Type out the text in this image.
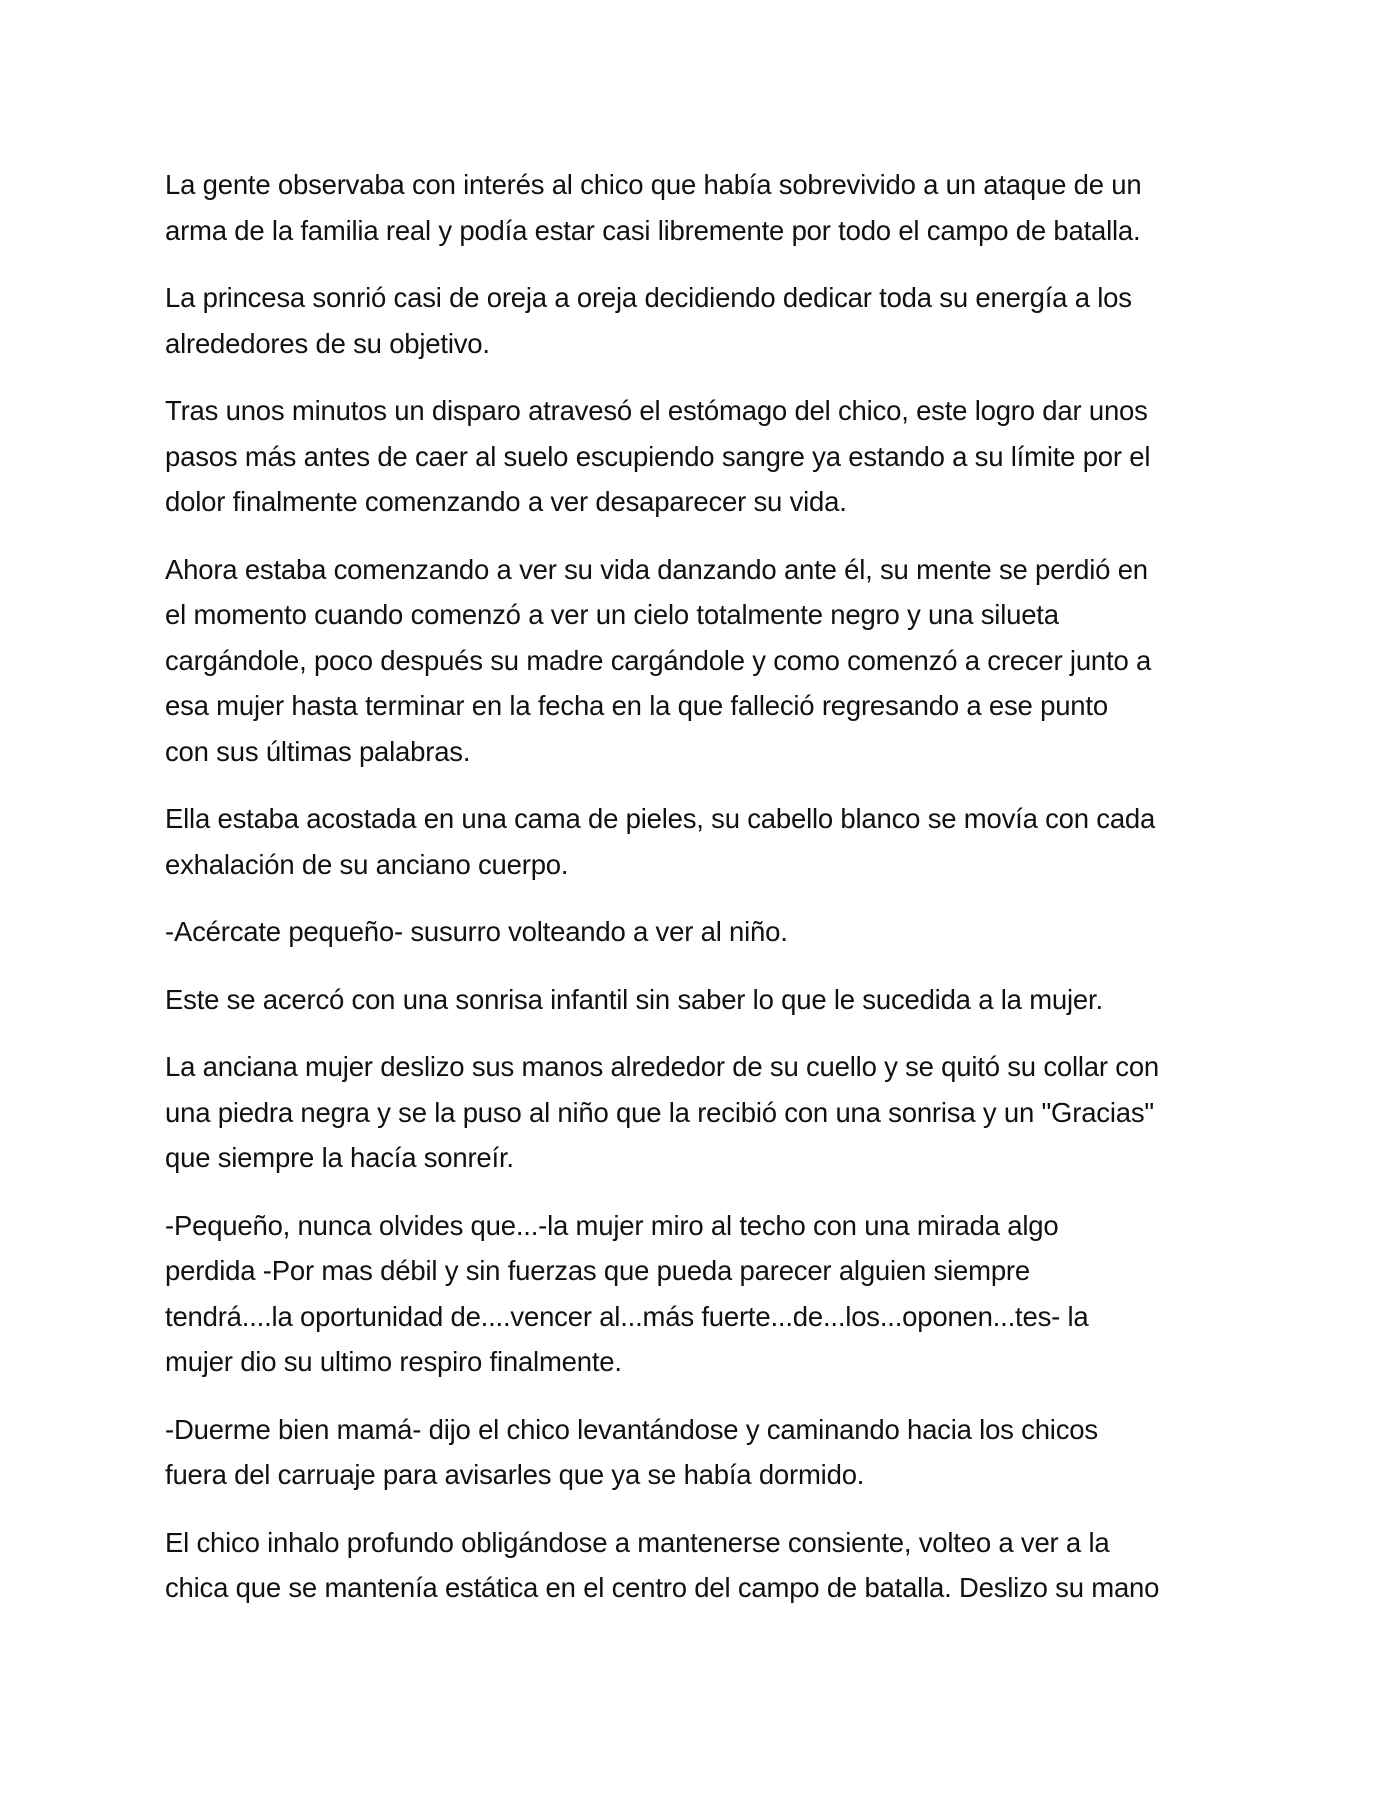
La gente observaba con interés al chico que había sobrevivido a un ataque de un
arma de la familia real y podía estar casi libremente por todo el campo de batalla.

La princesa sonrió casi de oreja a oreja decidiendo dedicar toda su energía a los
alrededores de su objetivo.

Tras unos minutos un disparo atravesó el estómago del chico, este logro dar unos
pasos más antes de caer al suelo escupiendo sangre ya estando a su límite por el
dolor finalmente comenzando a ver desaparecer su vida.

Ahora estaba comenzando a ver su vida danzando ante él, su mente se perdió en
el momento cuando comenzó a ver un cielo totalmente negro y una silueta
cargándole, poco después su madre cargándole y como comenzó a crecer junto a
esa mujer hasta terminar en la fecha en la que falleció regresando a ese punto
con sus últimas palabras.

Ella estaba acostada en una cama de pieles, su cabello blanco se movía con cada
exhalación de su anciano cuerpo.

-Acércate pequeño- susurro volteando a ver al niño.

Este se acercó con una sonrisa infantil sin saber lo que le sucedida a la mujer.

La anciana mujer deslizo sus manos alrededor de su cuello y se quitó su collar con
una piedra negra y se la puso al niño que la recibió con una sonrisa y un "Gracias"
que siempre la hacía sonreír.

-Pequeño, nunca olvides que...-la mujer miro al techo con una mirada algo
perdida -Por mas débil y sin fuerzas que pueda parecer alguien siempre
tendrá....la oportunidad de....vencer al...más fuerte...de...los...oponen...tes- la
mujer dio su ultimo respiro finalmente.

-Duerme bien mamá- dijo el chico levantándose y caminando hacia los chicos
fuera del carruaje para avisarles que ya se había dormido.

El chico inhalo profundo obligándose a mantenerse consiente, volteo a ver a la
chica que se mantenía estática en el centro del campo de batalla. Deslizo su mano
